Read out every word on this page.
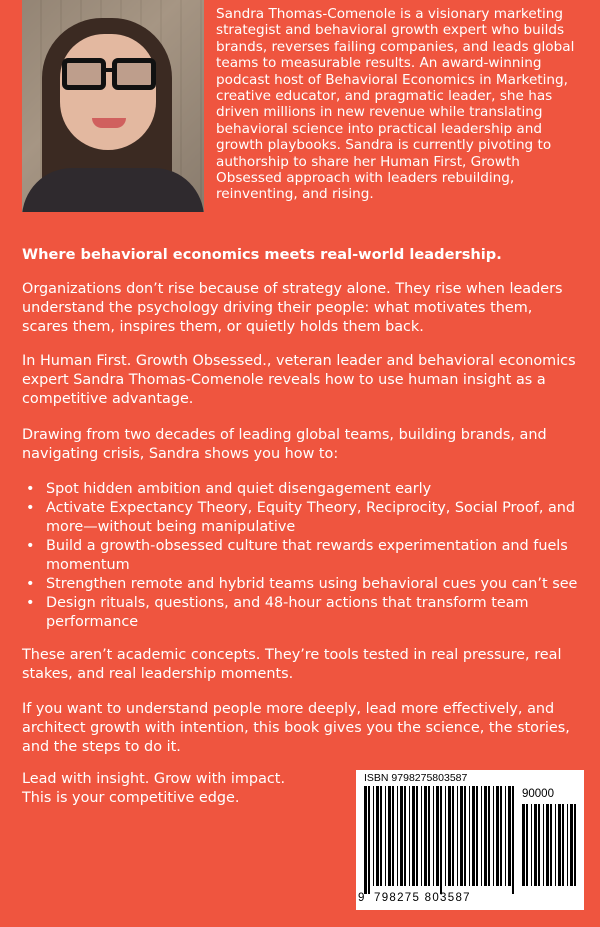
Sandra Thomas-Comenole is a visionary marketing strategist and behavioral growth expert who builds brands, reverses failing companies, and leads global teams to measurable results. An award-winning podcast host of Behavioral Economics in Marketing, creative educator, and pragmatic leader, she has driven millions in new revenue while translating behavioral science into practical leadership and growth playbooks. Sandra is currently pivoting to authorship to share her Human First, Growth Obsessed approach with leaders rebuilding, reinventing, and rising.
Where behavioral economics meets real-world leadership.
Organizations don’t rise because of strategy alone. They rise when leaders understand the psychology driving their people: what motivates them, scares them, inspires them, or quietly holds them back.
In Human First. Growth Obsessed., veteran leader and behavioral economics expert Sandra Thomas-Comenole reveals how to use human insight as a competitive advantage.
Drawing from two decades of leading global teams, building brands, and navigating crisis, Sandra shows you how to:
• Spot hidden ambition and quiet disengagement early
• Activate Expectancy Theory, Equity Theory, Reciprocity, Social Proof, and more—without being manipulative
• Build a growth-obsessed culture that rewards experimentation and fuels momentum
• Strengthen remote and hybrid teams using behavioral cues you can’t see
• Design rituals, questions, and 48-hour actions that transform team performance
These aren’t academic concepts. They’re tools tested in real pressure, real stakes, and real leadership moments.
If you want to understand people more deeply, lead more effectively, and architect growth with intention, this book gives you the science, the stories, and the steps to do it.
Lead with insight. Grow with impact.
This is your competitive edge.
ISBN 9798275803587
90000
9 798275 803587
